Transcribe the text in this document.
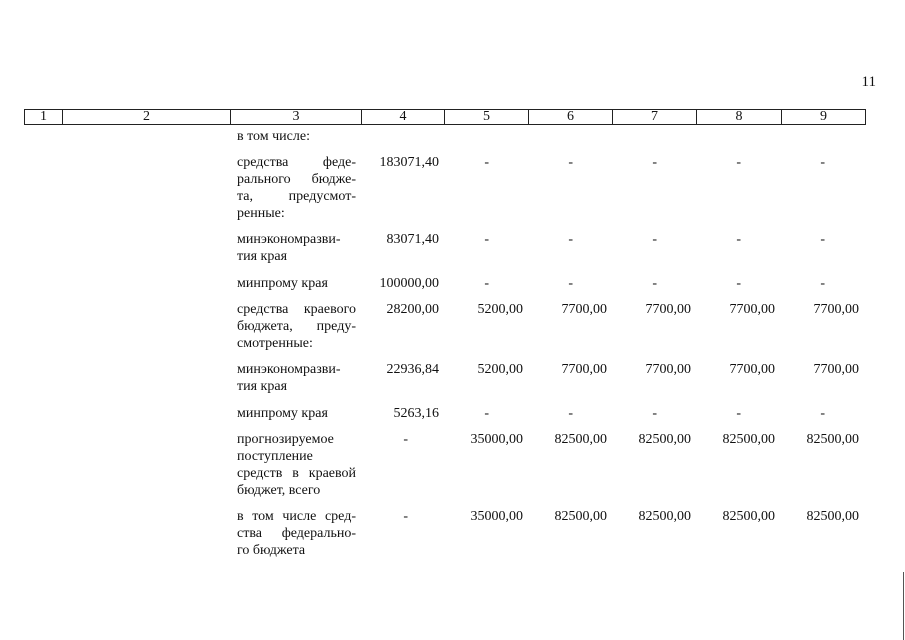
11
1	2	3	4	5	6	7	8	9
в том числе:
средства феде-
рального бюдже-
та, предусмот-
ренные:
183071,40	-	-	-	-	-
минэкономразви-
тия края
83071,40	-	-	-	-	-
минпрому края	100000,00	-	-	-	-	-
средства краевого
бюджета, преду-
смотренные:
28200,00	5200,00	7700,00	7700,00	7700,00	7700,00
минэкономразви-
тия края
22936,84	5200,00	7700,00	7700,00	7700,00	7700,00
минпрому края	5263,16	-	-	-	-	-
прогнозируемое
поступление
средств в краевой
бюджет, всего
-	35000,00 82500,00 82500,00 82500,00 82500,00
в том числе сред-
ства федерально-
го бюджета
-	35000,00 82500,00 82500,00 82500,00 82500,00
